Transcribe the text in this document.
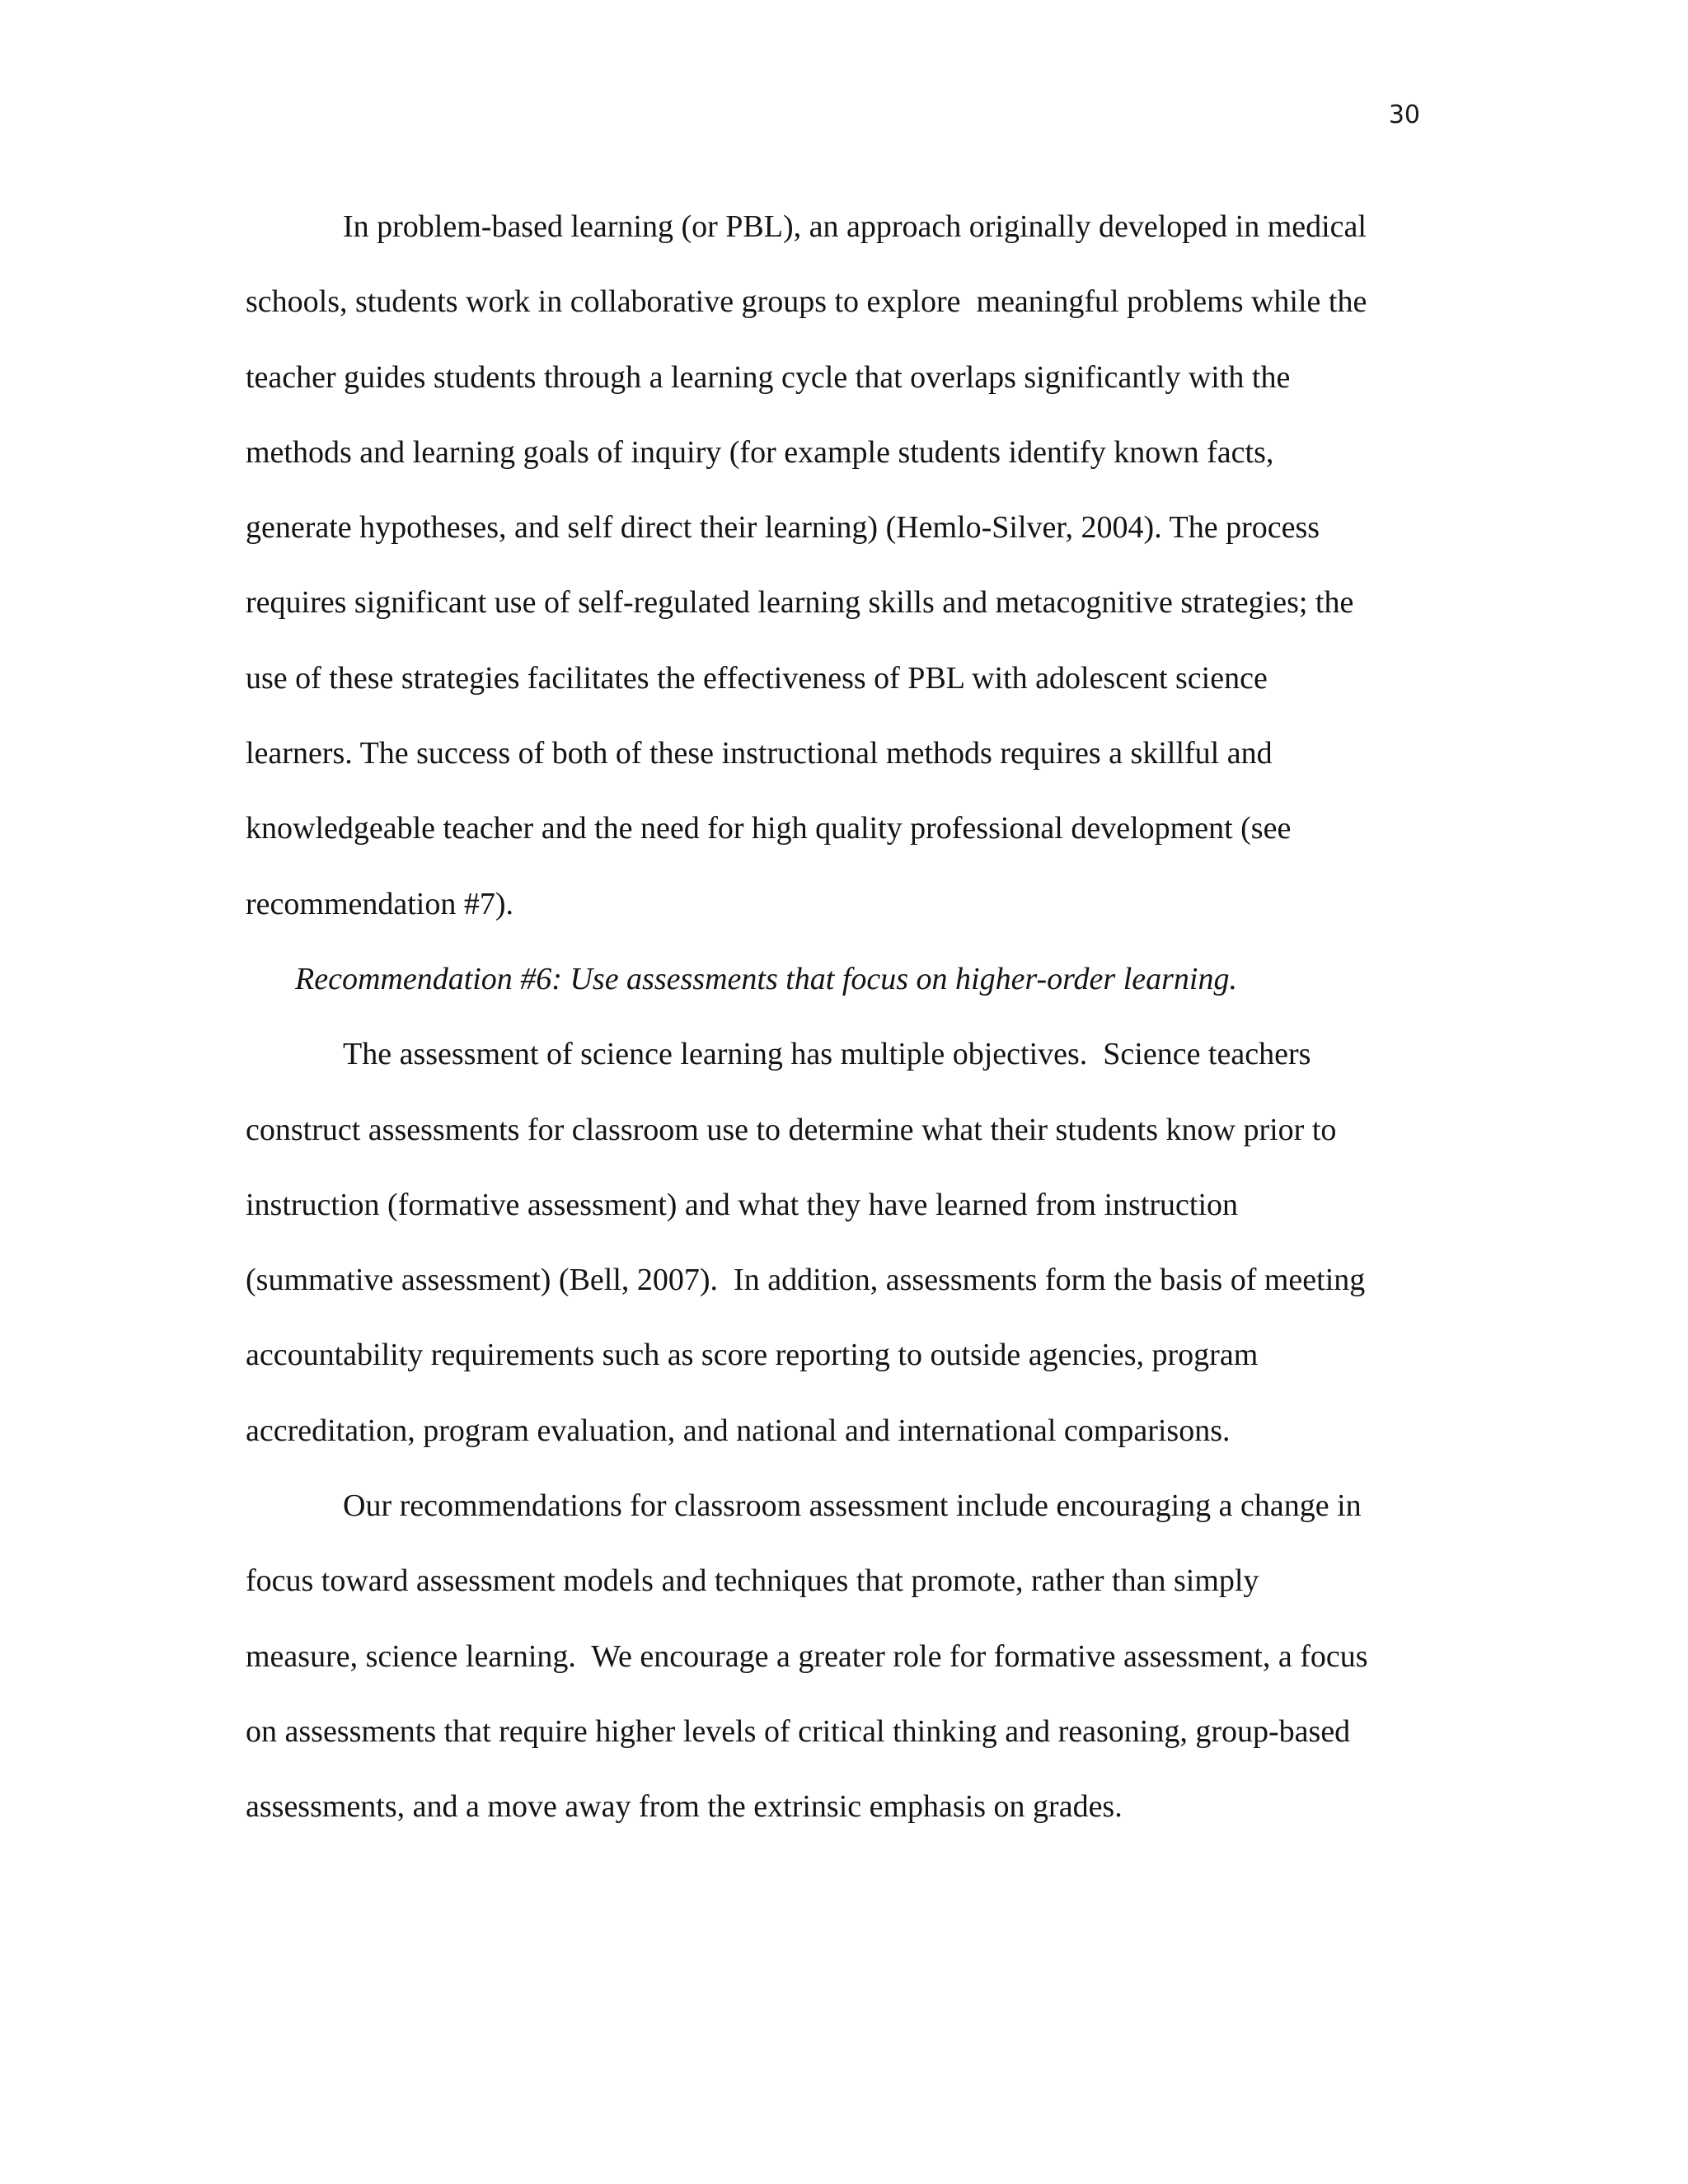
30
In problem-based learning (or PBL), an approach originally developed in medical
schools, students work in collaborative groups to explore  meaningful problems while the
teacher guides students through a learning cycle that overlaps significantly with the
methods and learning goals of inquiry (for example students identify known facts,
generate hypotheses, and self direct their learning) (Hemlo-Silver, 2004). The process
requires significant use of self-regulated learning skills and metacognitive strategies; the
use of these strategies facilitates the effectiveness of PBL with adolescent science
learners. The success of both of these instructional methods requires a skillful and
knowledgeable teacher and the need for high quality professional development (see
recommendation #7).
Recommendation #6: Use assessments that focus on higher-order learning.
The assessment of science learning has multiple objectives.  Science teachers
construct assessments for classroom use to determine what their students know prior to
instruction (formative assessment) and what they have learned from instruction
(summative assessment) (Bell, 2007).  In addition, assessments form the basis of meeting
accountability requirements such as score reporting to outside agencies, program
accreditation, program evaluation, and national and international comparisons.
Our recommendations for classroom assessment include encouraging a change in
focus toward assessment models and techniques that promote, rather than simply
measure, science learning.  We encourage a greater role for formative assessment, a focus
on assessments that require higher levels of critical thinking and reasoning, group-based
assessments, and a move away from the extrinsic emphasis on grades.
